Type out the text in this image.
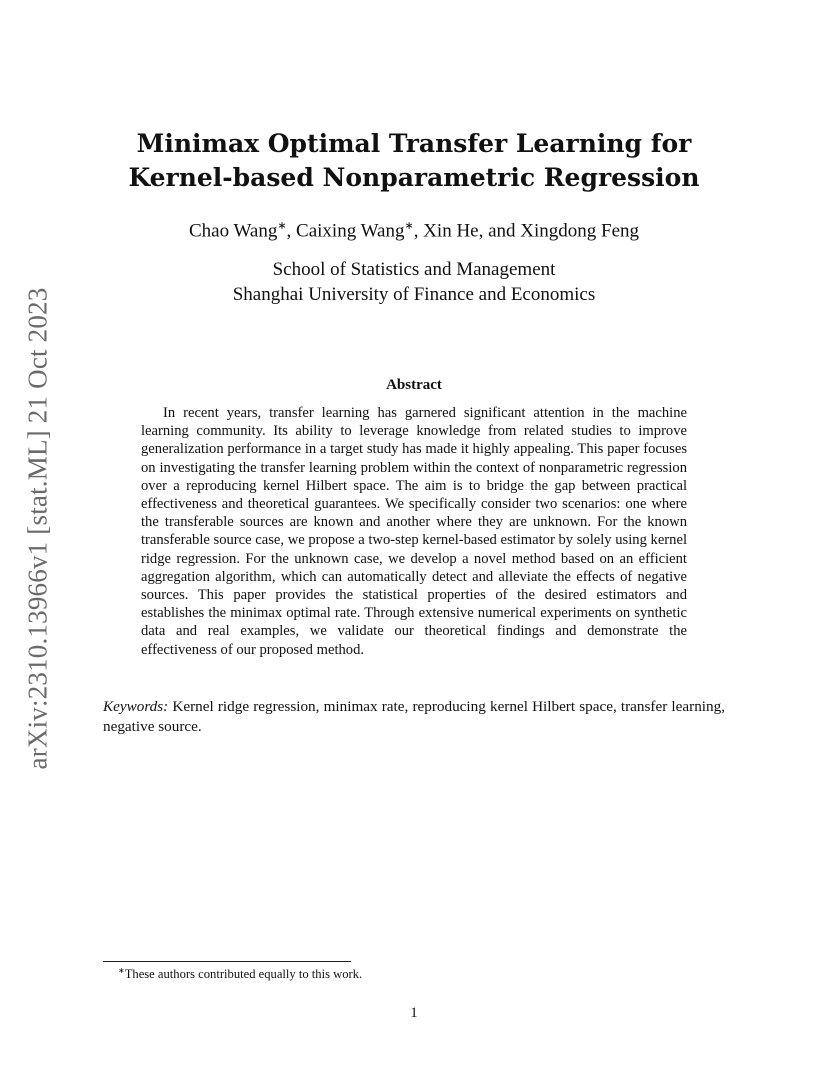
arXiv:2310.13966v1 [stat.ML] 21 Oct 2023
Minimax Optimal Transfer Learning for
Kernel-based Nonparametric Regression
Chao Wang∗, Caixing Wang∗, Xin He, and Xingdong Feng
School of Statistics and Management
Shanghai University of Finance and Economics
Abstract
In recent years, transfer learning has garnered significant attention in the machine learning community. Its ability to leverage knowledge from related studies to improve generalization performance in a target study has made it highly appealing. This paper focuses on investigating the transfer learning problem within the context of nonparametric regression over a reproducing kernel Hilbert space. The aim is to bridge the gap between practical effectiveness and theoretical guarantees. We specifically consider two scenarios: one where the transferable sources are known and another where they are unknown. For the known transferable source case, we propose a two-step kernel-based estimator by solely using kernel ridge regression. For the unknown case, we develop a novel method based on an efficient aggregation algorithm, which can automatically detect and alleviate the effects of negative sources. This paper provides the statistical properties of the desired estimators and establishes the minimax optimal rate. Through extensive numerical experiments on synthetic data and real examples, we validate our theoretical findings and demonstrate the effectiveness of our proposed method.
Keywords: Kernel ridge regression, minimax rate, reproducing kernel Hilbert space, transfer learning, negative source.
∗These authors contributed equally to this work.
1
